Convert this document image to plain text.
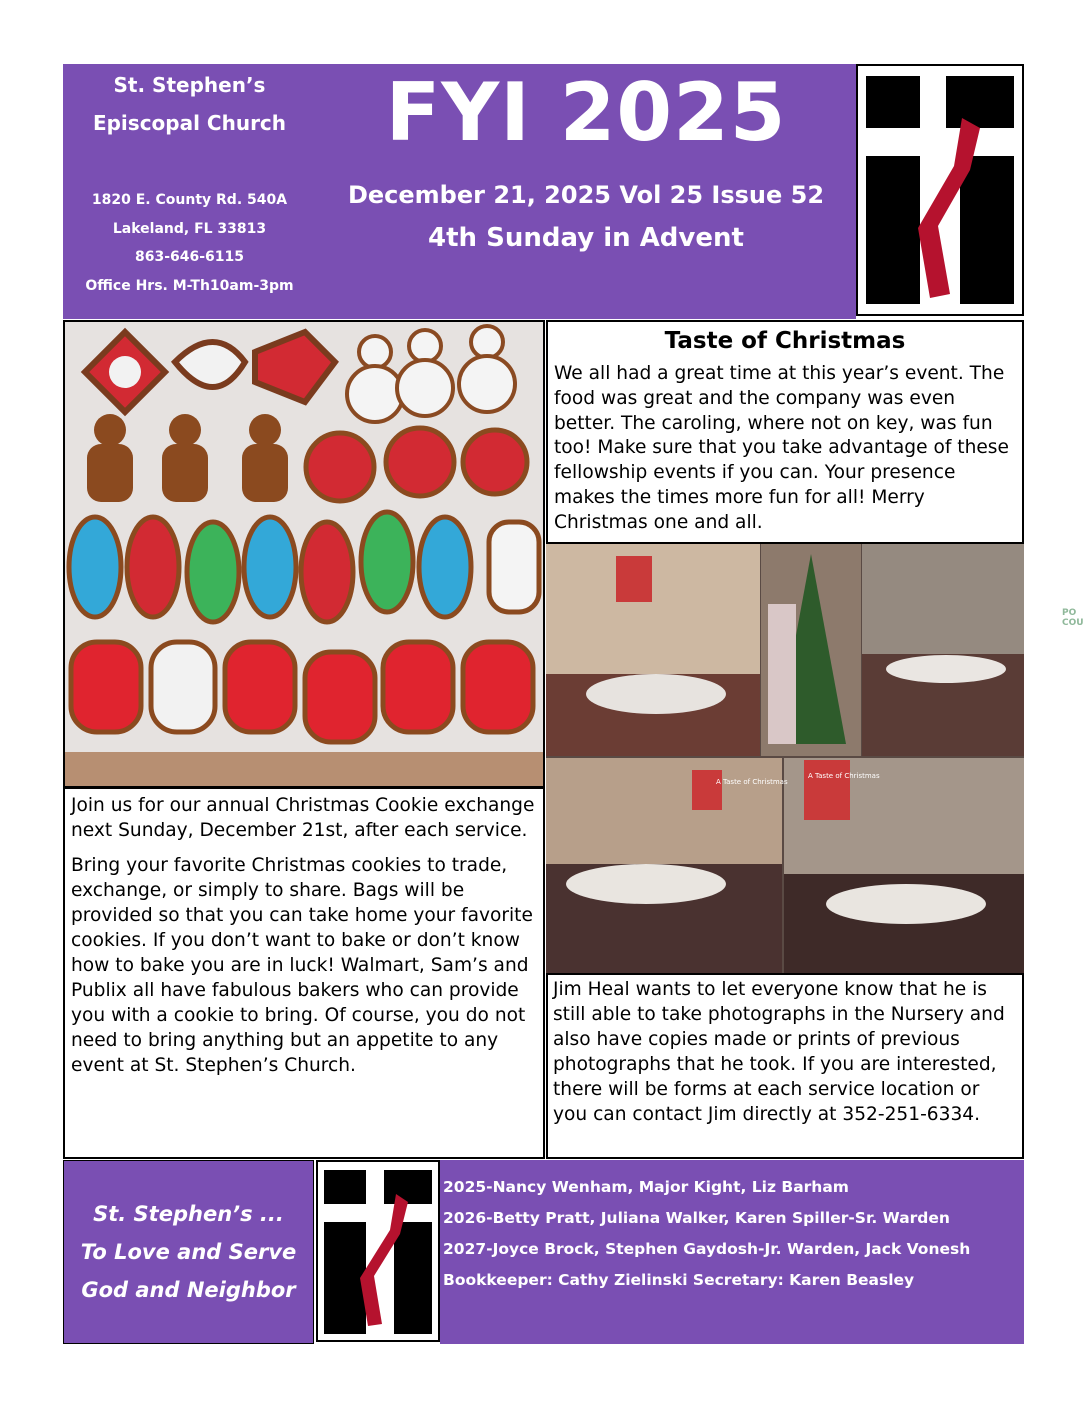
St. Stephen’s
Episcopal Church
1820 E. County Rd. 540A
Lakeland, FL 33813
863-646-6115
Office Hrs. M-Th10am-3pm
FYI 2025
December 21, 2025 Vol 25 Issue 52
4th Sunday in Advent

Join us for our annual Christmas Cookie exchange next Sunday, December 21st, after each service.

Bring your favorite Christmas cookies to trade, exchange, or simply to share. Bags will be provided so that you can take home your favorite cookies. If you don’t want to bake or don’t know how to bake you are in luck! Walmart, Sam’s and Publix all have fabulous bakers who can provide you with a cookie to bring. Of course, you do not need to bring anything but an appetite to any event at St. Stephen’s Church.

Taste of Christmas
We all had a great time at this year’s event. The food was great and the company was even better. The caroling, where not on key, was fun too! Make sure that you take advantage of these fellowship events if you can. Your presence makes the times more fun for all! Merry Christmas one and all.
A Taste of Christmas
A Taste of Christmas
Jim Heal wants to let everyone know that he is still able to take photographs in the Nursery and also have copies made or prints of previous photographs that he took. If you are interested, there will be forms at each service location or you can contact Jim directly at 352-251-6334.
St. Stephen’s ...
To Love and Serve
God and Neighbor
2025-Nancy Wenham, Major Kight, Liz Barham
2026-Betty Pratt, Juliana Walker, Karen Spiller-Sr. Warden
2027-Joyce Brock, Stephen Gaydosh-Jr. Warden, Jack Vonesh
Bookkeeper: Cathy Zielinski Secretary: Karen Beasley
PO
COU
